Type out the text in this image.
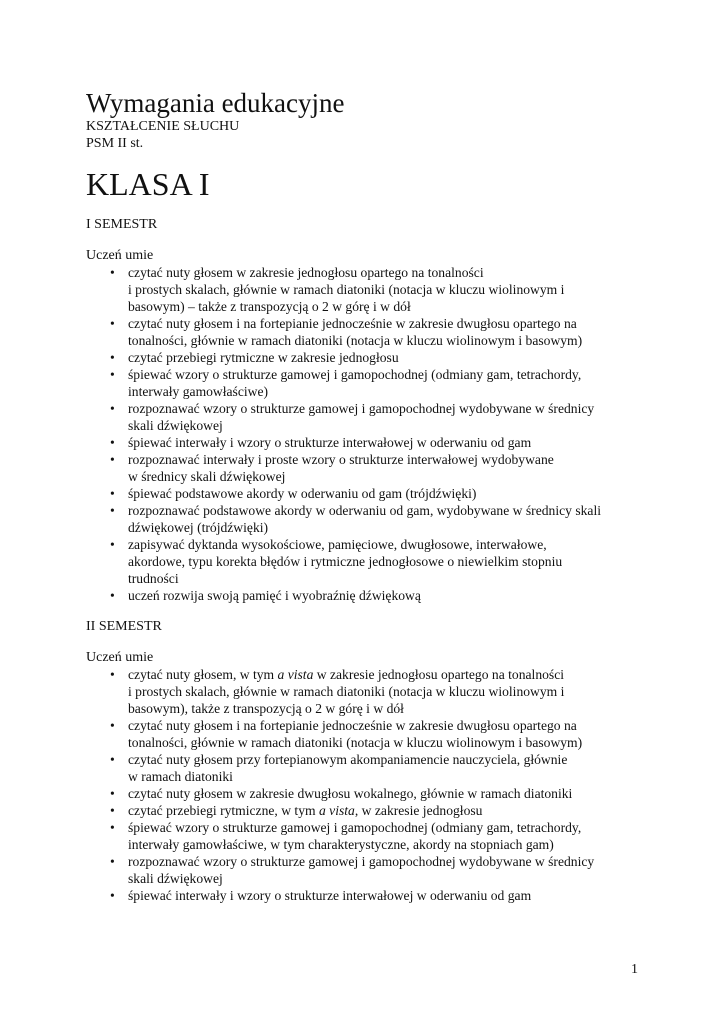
Wymagania edukacyjne
KSZTAŁCENIE SŁUCHU
PSM II st.
KLASA I
I SEMESTR
Uczeń umie
• czytać nuty głosem w zakresie jednogłosu opartego na tonalności
i prostych skalach, głównie w ramach diatoniki (notacja w kluczu wiolinowym i
basowym) – także z transpozycją o 2 w górę i w dół
• czytać nuty głosem i na fortepianie jednocześnie w zakresie dwugłosu opartego na
tonalności, głównie w ramach diatoniki (notacja w kluczu wiolinowym i basowym)
• czytać przebiegi rytmiczne w zakresie jednogłosu
• śpiewać wzory o strukturze gamowej i gamopochodnej (odmiany gam, tetrachordy,
interwały gamowłaściwe)
• rozpoznawać wzory o strukturze gamowej i gamopochodnej wydobywane w średnicy
skali dźwiękowej
• śpiewać interwały i wzory o strukturze interwałowej w oderwaniu od gam
• rozpoznawać interwały i proste wzory o strukturze interwałowej wydobywane
w średnicy skali dźwiękowej
• śpiewać podstawowe akordy w oderwaniu od gam (trójdźwięki)
• rozpoznawać podstawowe akordy w oderwaniu od gam, wydobywane w średnicy skali
dźwiękowej (trójdźwięki)
• zapisywać dyktanda wysokościowe, pamięciowe, dwugłosowe, interwałowe,
akordowe, typu korekta błędów i rytmiczne jednogłosowe o niewielkim stopniu
trudności
• uczeń rozwija swoją pamięć i wyobraźnię dźwiękową
II SEMESTR
Uczeń umie
• czytać nuty głosem, w tym a vista w zakresie jednogłosu opartego na tonalności
i prostych skalach, głównie w ramach diatoniki (notacja w kluczu wiolinowym i
basowym), także z transpozycją o 2 w górę i w dół
• czytać nuty głosem i na fortepianie jednocześnie w zakresie dwugłosu opartego na
tonalności, głównie w ramach diatoniki (notacja w kluczu wiolinowym i basowym)
• czytać nuty głosem przy fortepianowym akompaniamencie nauczyciela, głównie
w ramach diatoniki
• czytać nuty głosem w zakresie dwugłosu wokalnego, głównie w ramach diatoniki
• czytać przebiegi rytmiczne, w tym a vista, w zakresie jednogłosu
• śpiewać wzory o strukturze gamowej i gamopochodnej (odmiany gam, tetrachordy,
interwały gamowłaściwe, w tym charakterystyczne, akordy na stopniach gam)
• rozpoznawać wzory o strukturze gamowej i gamopochodnej wydobywane w średnicy
skali dźwiękowej
• śpiewać interwały i wzory o strukturze interwałowej w oderwaniu od gam
1
